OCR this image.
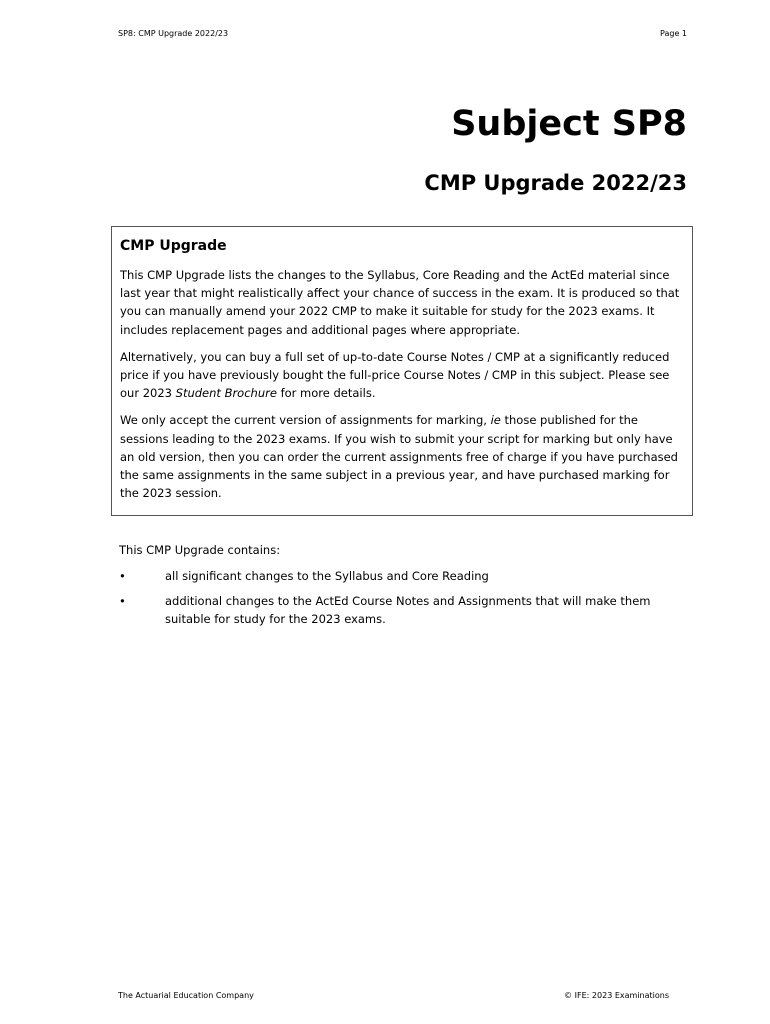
SP8: CMP Upgrade 2022/23	Page 1
Subject SP8
CMP Upgrade 2022/23
CMP Upgrade

This CMP Upgrade lists the changes to the Syllabus, Core Reading and the ActEd material since last year that might realistically affect your chance of success in the exam. It is produced so that you can manually amend your 2022 CMP to make it suitable for study for the 2023 exams. It includes replacement pages and additional pages where appropriate.

Alternatively, you can buy a full set of up-to-date Course Notes / CMP at a significantly reduced price if you have previously bought the full-price Course Notes / CMP in this subject. Please see our 2023 Student Brochure for more details.

We only accept the current version of assignments for marking, ie those published for the sessions leading to the 2023 exams. If you wish to submit your script for marking but only have an old version, then you can order the current assignments free of charge if you have purchased the same assignments in the same subject in a previous year, and have purchased marking for the 2023 session.

This CMP Upgrade contains:
•	all significant changes to the Syllabus and Core Reading
•	additional changes to the ActEd Course Notes and Assignments that will make them suitable for study for the 2023 exams.
The Actuarial Education Company	© IFE: 2023 Examinations
